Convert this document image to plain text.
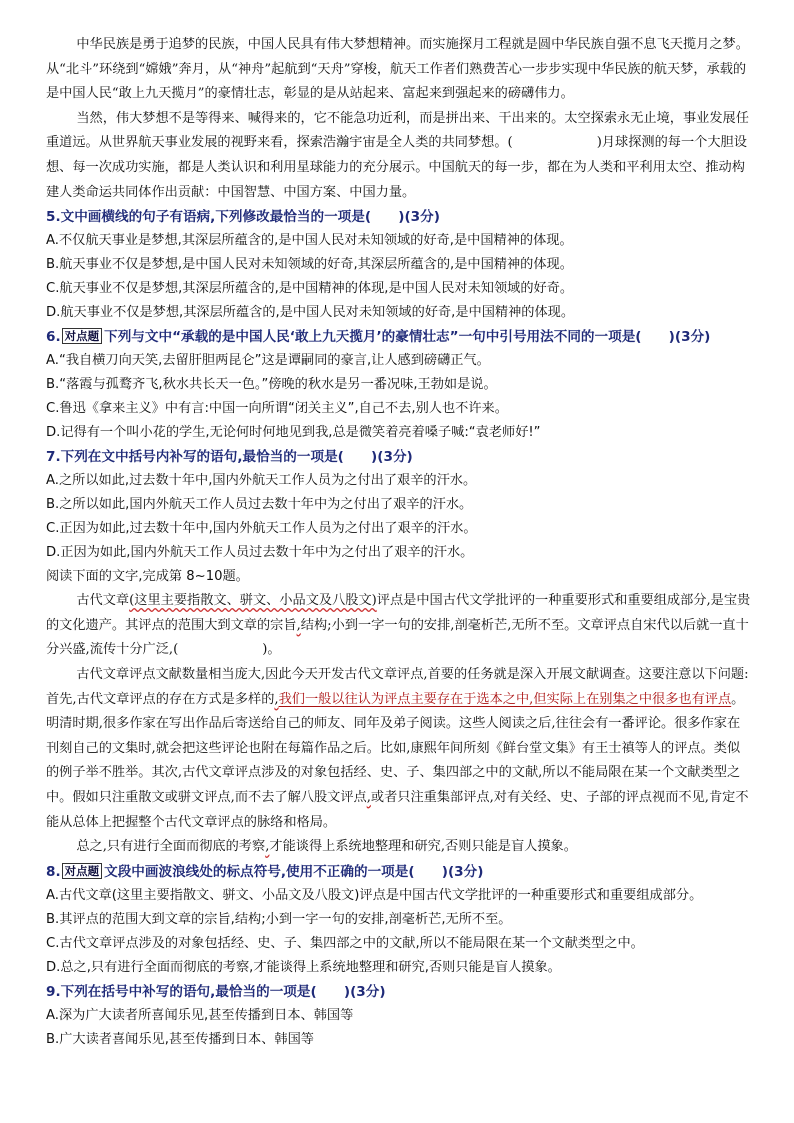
中华民族是勇于追梦的民族，中国人民具有伟大梦想精神。而实施探月工程就是圆中华民族自强不息飞天揽月之梦。从“北斗”环绕到“嫦娥”奔月，从“神舟”起航到“天舟”穿梭，航天工作者们熟费苦心一步步实现中华民族的航天梦，承载的是中国人民“敢上九天揽月”的豪情壮志，彰显的是从站起来、富起来到强起来的磅礴伟力。

当然，伟大梦想不是等得来、喊得来的，它不能急功近利，而是拼出来、干出来的。太空探索永无止境，事业发展任重道远。从世界航天事业发展的视野来看，探索浩瀚宇宙是全人类的共同梦想。(	)月球探测的每一个大胆设想、每一次成功实施，都是人类认识和利用星球能力的充分展示。中国航天的每一步，都在为人类和平利用太空、推动构建人类命运共同体作出贡献：中国智慧、中国方案、中国力量。

5.文中画横线的句子有语病,下列修改最恰当的一项是(　　)(3分)

A.不仅航天事业是梦想,其深层所蕴含的,是中国人民对未知领域的好奇,是中国精神的体现。

B.航天事业不仅是梦想,是中国人民对未知领域的好奇,其深层所蕴含的,是中国精神的体现。

C.航天事业不仅是梦想,其深层所蕴含的,是中国精神的体现,是中国人民对未知领域的好奇。

D.航天事业不仅是梦想,其深层所蕴含的,是中国人民对未知领域的好奇,是中国精神的体现。

6. 对点题 下列与文中“承载的是中国人民‘敢上九天揽月’的豪情壮志”一句中引号用法不同的一项是(　　)(3分)

A.“我自横刀向天笑,去留肝胆两昆仑”这是谭嗣同的豪言,让人感到磅礴正气。

B.“落霞与孤鹜齐飞,秋水共长天一色。”傍晚的秋水是另一番况味,王勃如是说。

C.鲁迅《拿来主义》中有言:中国一向所谓“闭关主义”,自己不去,别人也不许来。

D.记得有一个叫小花的学生,无论何时何地见到我,总是微笑着亮着嗓子喊:“袁老师好!”

7.下列在文中括号内补写的语句,最恰当的一项是(　　)(3分)

A.之所以如此,过去数十年中,国内外航天工作人员为之付出了艰辛的汗水。

B.之所以如此,国内外航天工作人员过去数十年中为之付出了艰辛的汗水。

C.正因为如此,过去数十年中,国内外航天工作人员为之付出了艰辛的汗水。

D.正因为如此,国内外航天工作人员过去数十年中为之付出了艰辛的汗水。

阅读下面的文字,完成第 8~10题。

古代文章(这里主要指散文、骈文、小品文及八股文)评点是中国古代文学批评的一种重要形式和重要组成部分,是宝贵的文化遗产。其评点的范围大到文章的宗旨,结构;小到一字一句的安排,剖毫析芒,无所不至。文章评点自宋代以后就一直十分兴盛,流传十分广泛,(	)。

古代文章评点文献数量相当庞大,因此今天开发古代文章评点,首要的任务就是深入开展文献调查。这要注意以下问题:首先,古代文章评点的存在方式是多样的,我们一般以往认为评点主要存在于选本之中,但实际上在别集之中很多也有评点。明清时期,很多作家在写出作品后寄送给自己的师友、同年及弟子阅读。这些人阅读之后,往往会有一番评论。很多作家在刊刻自己的文集时,就会把这些评论也附在每篇作品之后。比如,康熙年间所刻《鲜台堂文集》有王士禛等人的评点。类似的例子举不胜举。其次,古代文章评点涉及的对象包括经、史、子、集四部之中的文献,所以不能局限在某一个文献类型之中。假如只注重散文或骈文评点,而不去了解八股文评点,或者只注重集部评点,对有关经、史、子部的评点视而不见,肯定不能从总体上把握整个古代文章评点的脉络和格局。

总之,只有进行全面而彻底的考察,才能谈得上系统地整理和研究,否则只能是盲人摸象。

8. 对点题 文段中画波浪线处的标点符号,使用不正确的一项是(　　)(3分)

A.古代文章(这里主要指散文、骈文、小品文及八股文)评点是中国古代文学批评的一种重要形式和重要组成部分。

B.其评点的范围大到文章的宗旨,结构;小到一字一句的安排,剖毫析芒,无所不至。

C.古代文章评点涉及的对象包括经、史、子、集四部之中的文献,所以不能局限在某一个文献类型之中。

D.总之,只有进行全面而彻底的考察,才能谈得上系统地整理和研究,否则只能是盲人摸象。

9.下列在括号中补写的语句,最恰当的一项是(　　)(3分)

A.深为广大读者所喜闻乐见,甚至传播到日本、韩国等

B.广大读者喜闻乐见,甚至传播到日本、韩国等
